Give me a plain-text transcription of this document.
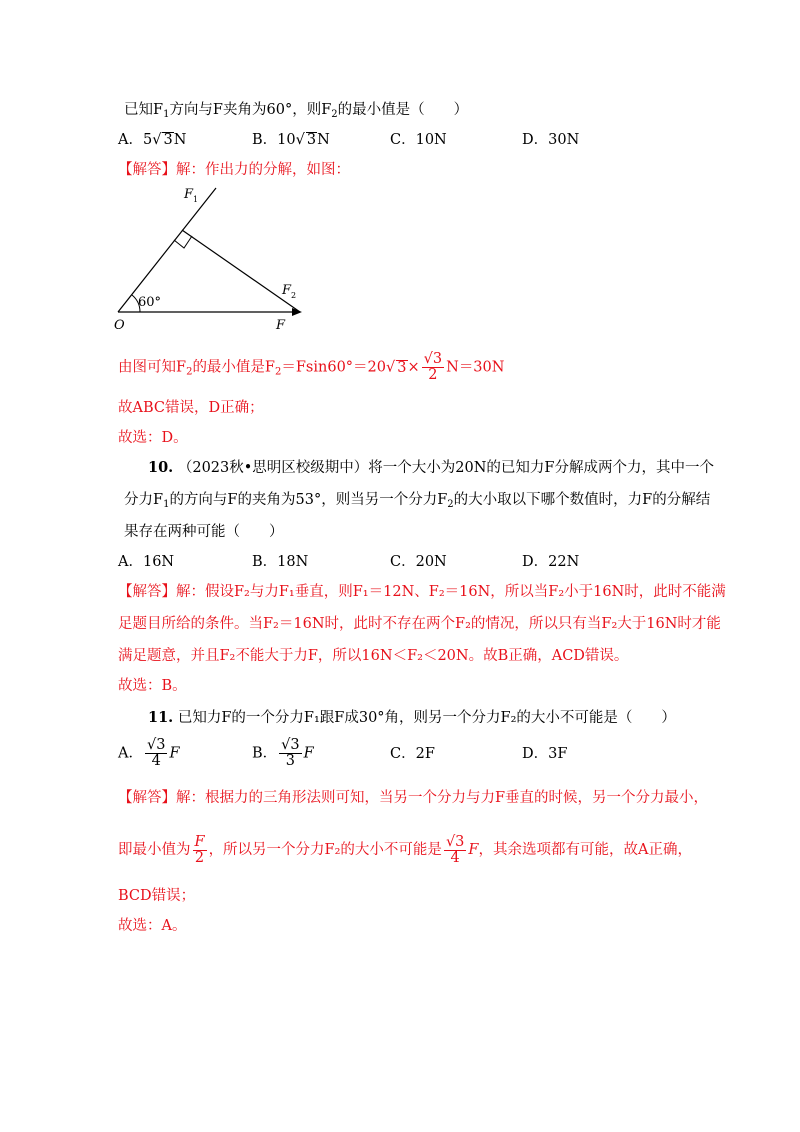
已知$F_1$方向与F夹角为60°，则$F_2$的最小值是（　　）
A．5√ 3N	B．10√ 3N	C．10N	D．30N
【解答】解：作出力的分解，如图：
F 1
F 2
60°
O	F
由图可知$F_2$的最小值是$F_2=Fsin60^\circ=20√$ $3\times \frac{√3}{2} N=30N$
故ABC错误，D正确；
故选：D。
10. （2023秋•思明区校级期中）将一个大小为20N的已知力F分解成两个力，其中一个
分力$F_1$的方向与F的夹角为53°，则当另一个分力$F_2$的大小取以下哪个数值时，力F的分解结
果存在两种可能（　　）
A．16N	B．18N	C．20N	D．22N
【解答】解：假设F₂与力F₁垂直，则F₁＝12N、F₂＝16N，所以当F₂小于16N时，此时不能满
足题目所给的条件。当F₂＝16N时，此时不存在两个F₂的情况，所以只有当F₂大于16N时才能
满足题意，并且F₂不能大于力F，所以16N＜F₂＜20N。故B正确，ACD错误。
故选：B。
11. 已知力F的一个分力F₁跟F成30°角，则另一个分力F₂的大小不可能是（　　）
A． $\frac{√3}{4}$ F	B． $\frac{√3}{3}$ F	C．2F	D．3F
【解答】解：根据力的三角形法则可知，当另一个分力与力F垂直的时候，另一个分力最小，
即最小值为 $\frac{F}{2}$ ，所以另一个分力F₂的大小不可能是 $\frac{√3}{4}$ F，其余选项都有可能，故A正确，
BCD错误；
故选：A。
